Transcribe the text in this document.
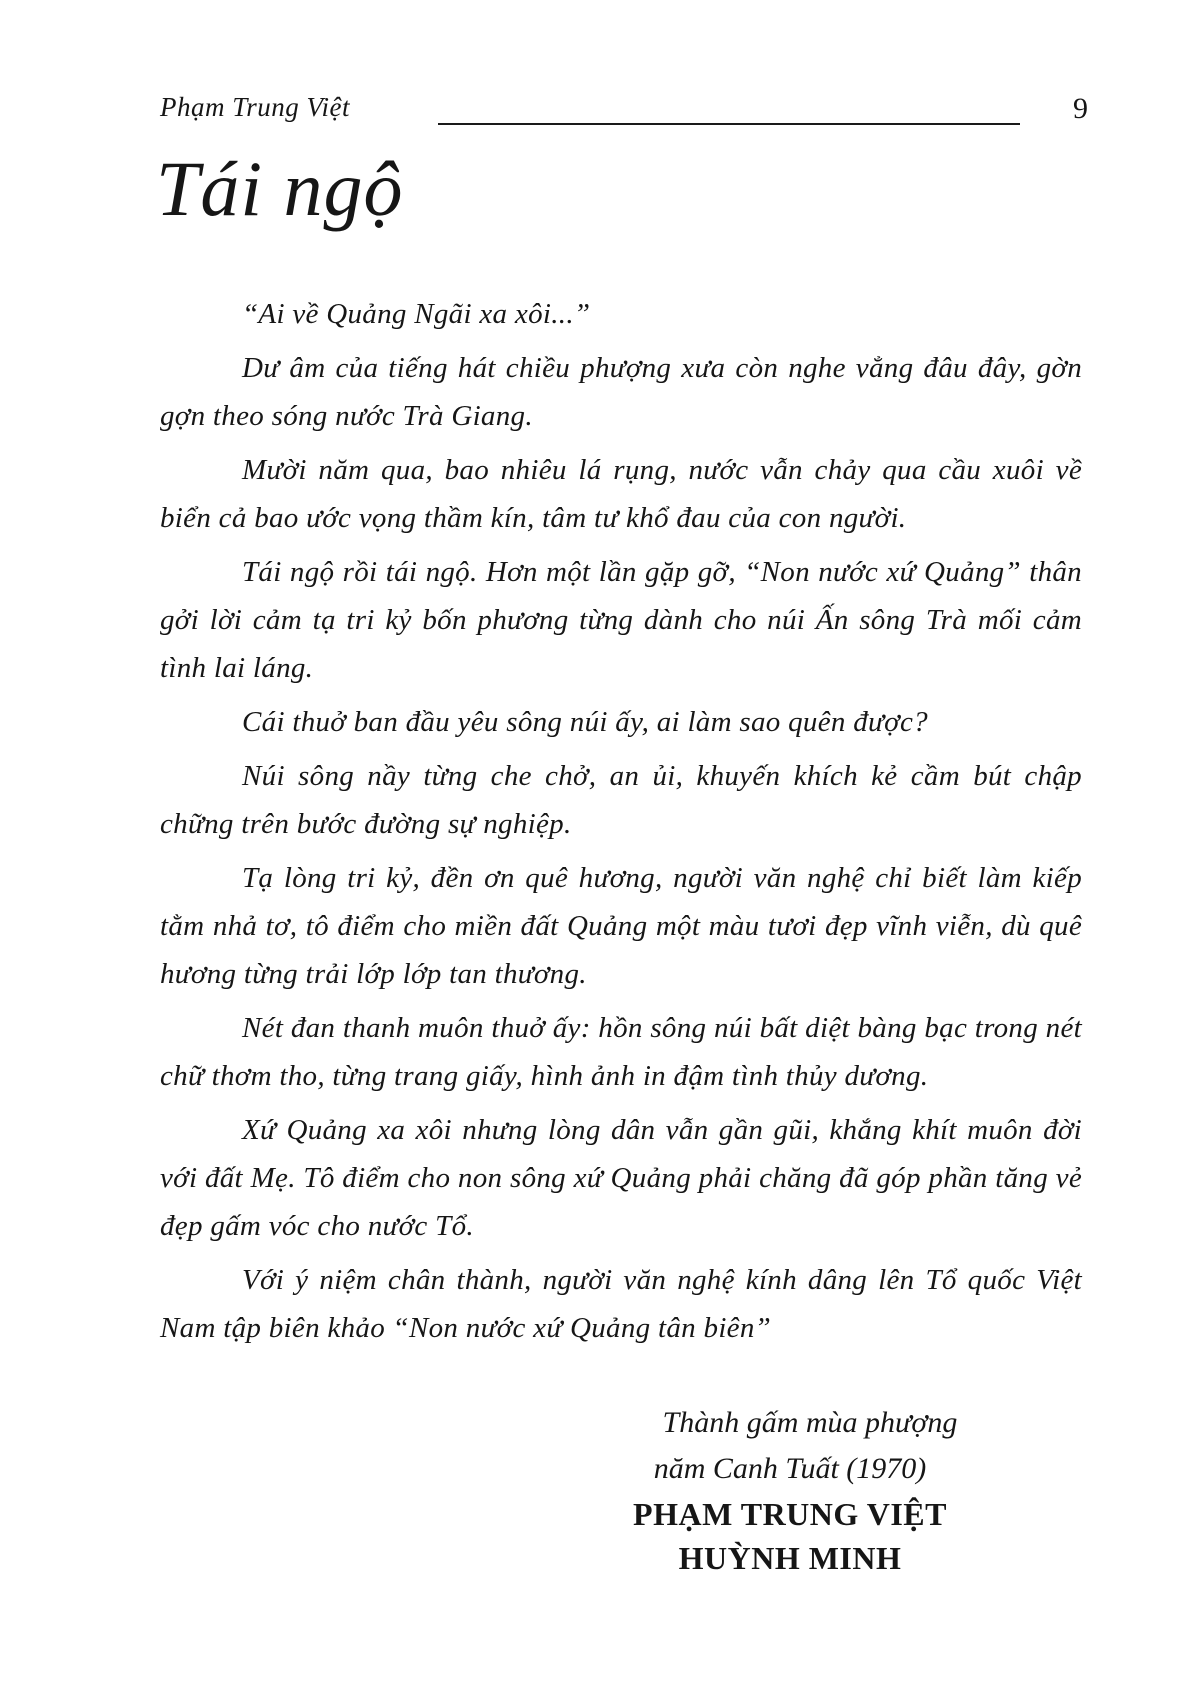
Phạm Trung Việt	9
Tái ngộ

“Ai về Quảng Ngãi xa xôi...”

Dư âm của tiếng hát chiều phượng xưa còn nghe vẳng đâu đây, gờn gợn theo sóng nước Trà Giang.

Mười năm qua, bao nhiêu lá rụng, nước vẫn chảy qua cầu xuôi về biển cả bao ước vọng thầm kín, tâm tư khổ đau của con người.

Tái ngộ rồi tái ngộ. Hơn một lần gặp gỡ, “Non nước xứ Quảng” thân gởi lời cảm tạ tri kỷ bốn phương từng dành cho núi Ấn sông Trà mối cảm tình lai láng.

Cái thuở ban đầu yêu sông núi ấy, ai làm sao quên được?

Núi sông nầy từng che chở, an ủi, khuyến khích kẻ cầm bút chập chững trên bước đường sự nghiệp.

Tạ lòng tri kỷ, đền ơn quê hương, người văn nghệ chỉ biết làm kiếp tằm nhả tơ, tô điểm cho miền đất Quảng một màu tươi đẹp vĩnh viễn, dù quê hương từng trải lớp lớp tan thương.

Nét đan thanh muôn thuở ấy: hồn sông núi bất diệt bàng bạc trong nét chữ thơm tho, từng trang giấy, hình ảnh in đậm tình thủy dương.

Xứ Quảng xa xôi nhưng lòng dân vẫn gần gũi, khắng khít muôn đời với đất Mẹ. Tô điểm cho non sông xứ Quảng phải chăng đã góp phần tăng vẻ đẹp gấm vóc cho nước Tổ.

Với ý niệm chân thành, người văn nghệ kính dâng lên Tổ quốc Việt Nam tập biên khảo “Non nước xứ Quảng tân biên”

Thành gấm mùa phượng
năm Canh Tuất (1970)
PHẠM TRUNG VIỆT
HUỲNH MINH
